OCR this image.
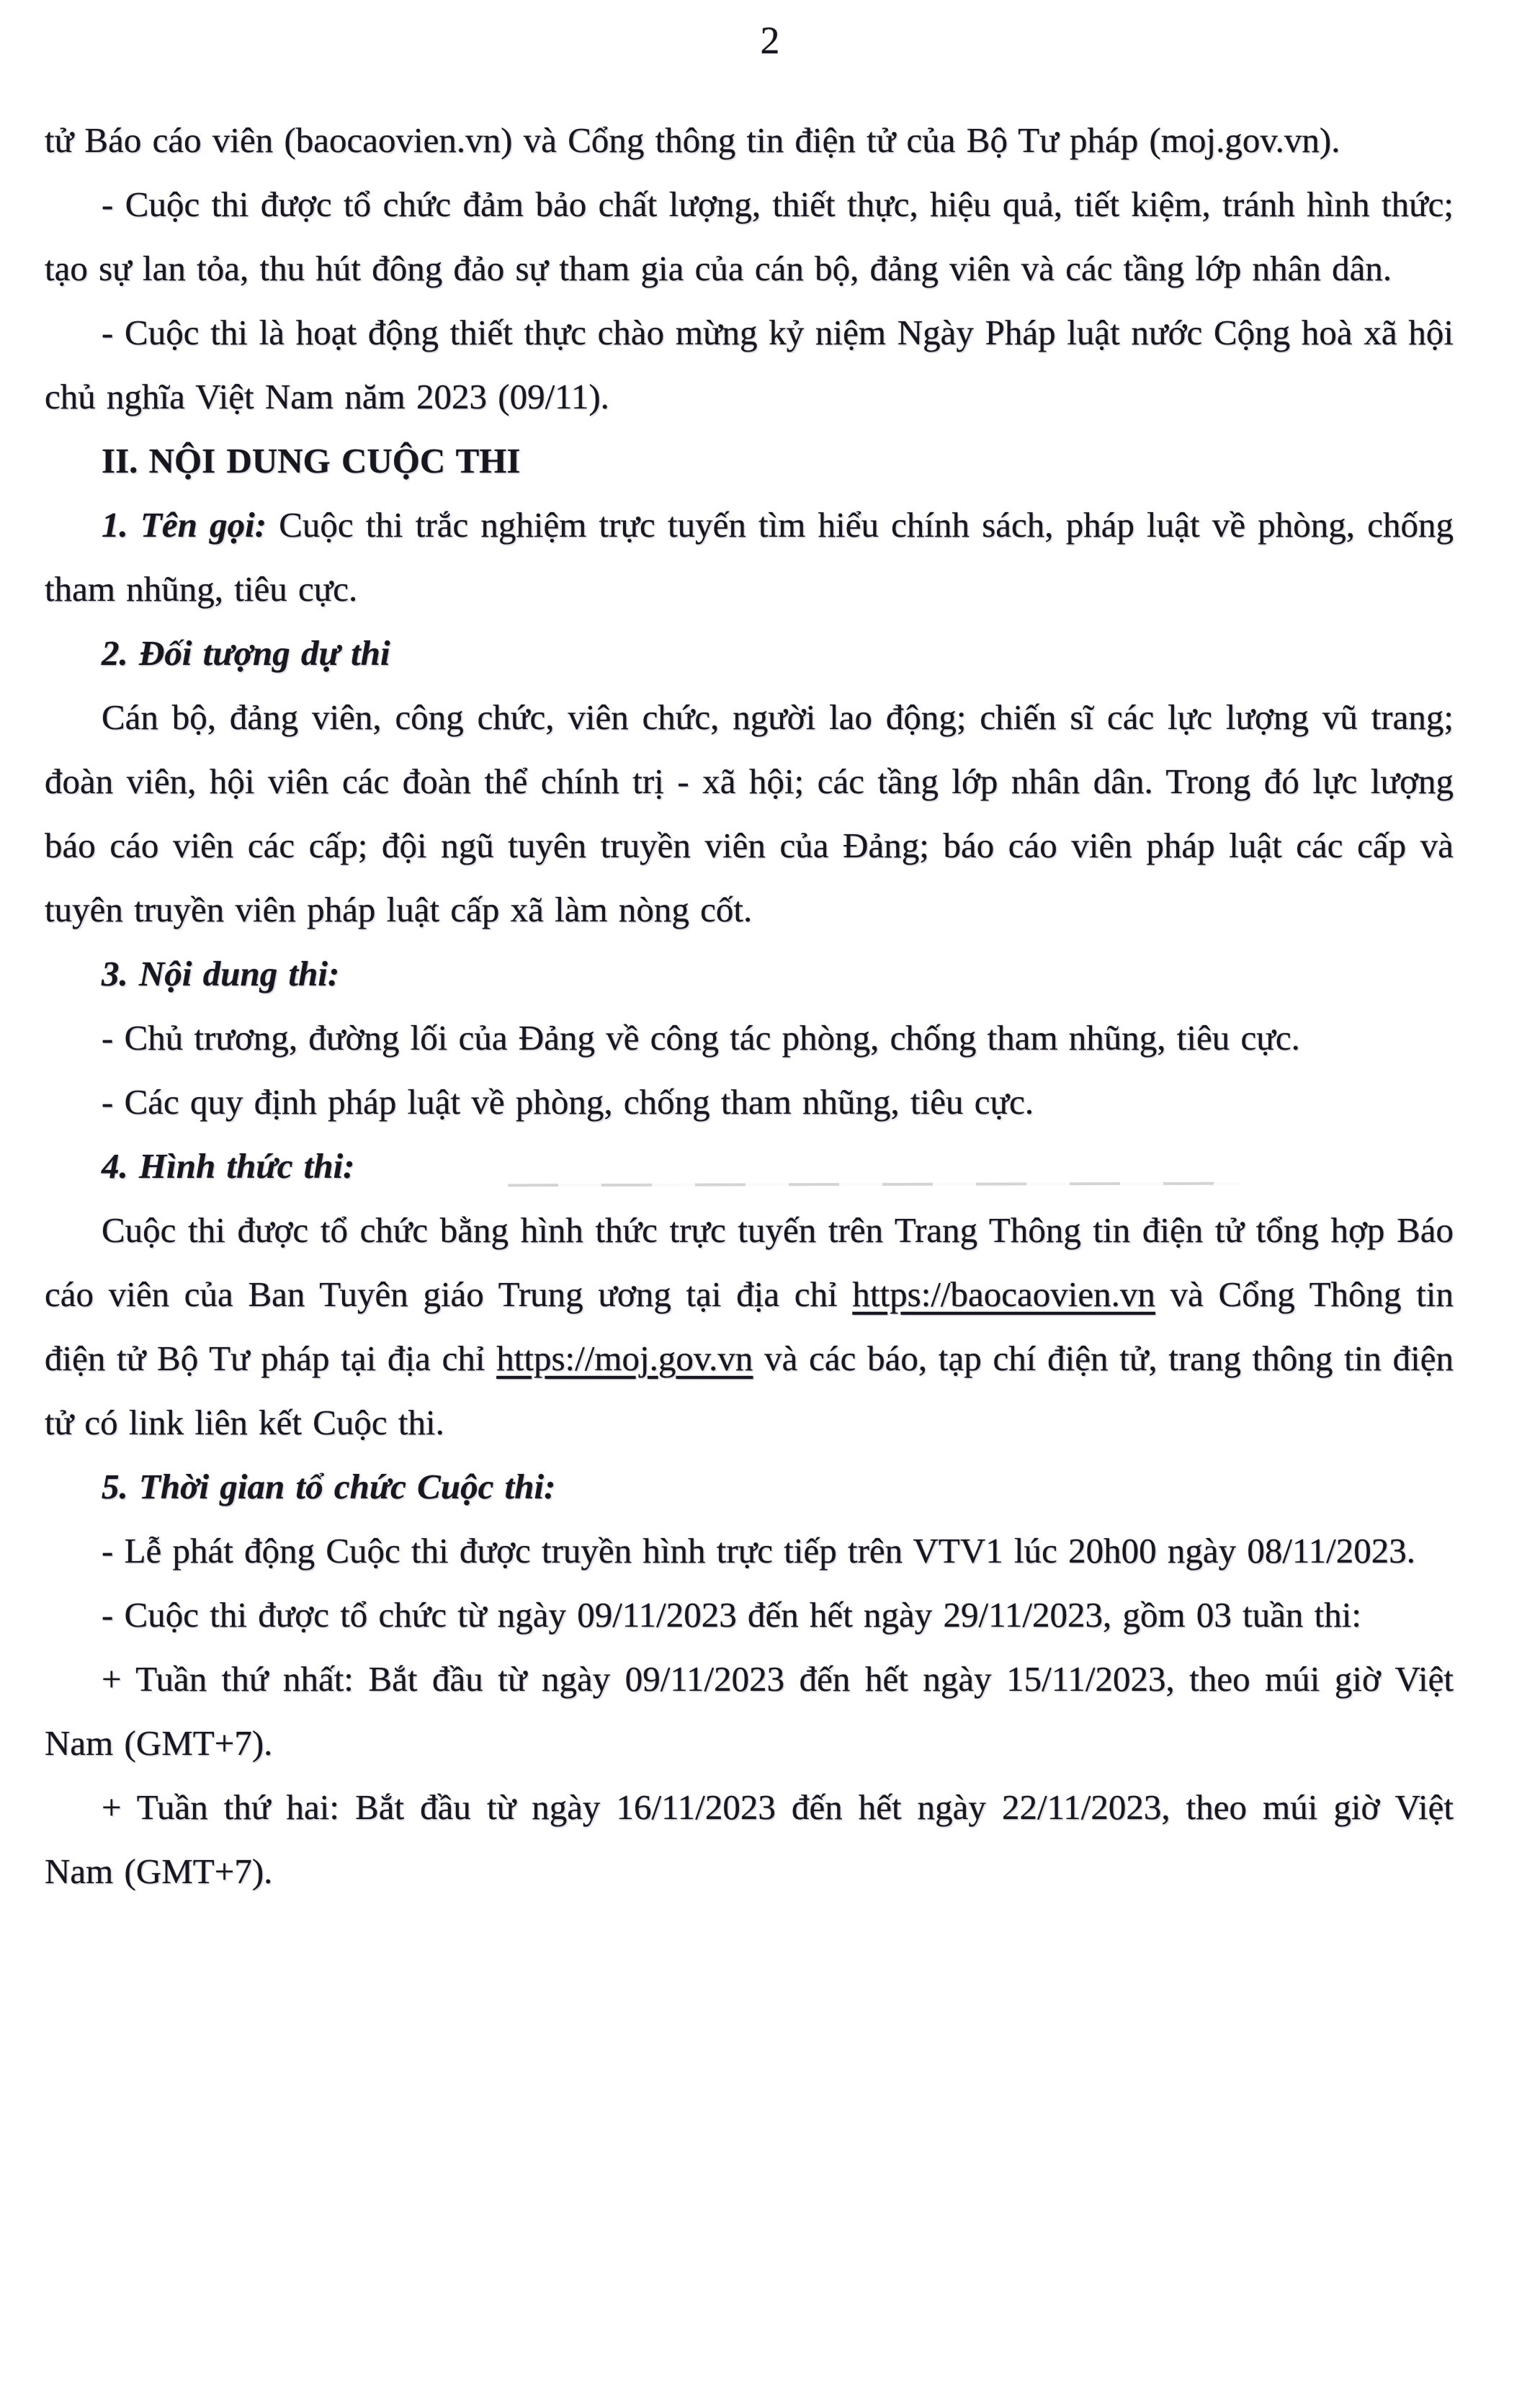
2

tử Báo cáo viên (baocaovien.vn) và Cổng thông tin điện tử của Bộ Tư pháp (moj.gov.vn).

- Cuộc thi được tổ chức đảm bảo chất lượng, thiết thực, hiệu quả, tiết kiệm, tránh hình thức; tạo sự lan tỏa, thu hút đông đảo sự tham gia của cán bộ, đảng viên và các tầng lớp nhân dân.

- Cuộc thi là hoạt động thiết thực chào mừng kỷ niệm Ngày Pháp luật nước Cộng hoà xã hội chủ nghĩa Việt Nam năm 2023 (09/11).

II. NỘI DUNG CUỘC THI

1. Tên gọi: Cuộc thi trắc nghiệm trực tuyến tìm hiểu chính sách, pháp luật về phòng, chống tham nhũng, tiêu cực.

2. Đối tượng dự thi

Cán bộ, đảng viên, công chức, viên chức, người lao động; chiến sĩ các lực lượng vũ trang; đoàn viên, hội viên các đoàn thể chính trị - xã hội; các tầng lớp nhân dân. Trong đó lực lượng báo cáo viên các cấp; đội ngũ tuyên truyền viên của Đảng; báo cáo viên pháp luật các cấp và tuyên truyền viên pháp luật cấp xã làm nòng cốt.

3. Nội dung thi:

- Chủ trương, đường lối của Đảng về công tác phòng, chống tham nhũng, tiêu cực.

- Các quy định pháp luật về phòng, chống tham nhũng, tiêu cực.

4. Hình thức thi:

Cuộc thi được tổ chức bằng hình thức trực tuyến trên Trang Thông tin điện tử tổng hợp Báo cáo viên của Ban Tuyên giáo Trung ương tại địa chỉ https://baocaovien.vn và Cổng Thông tin điện tử Bộ Tư pháp tại địa chỉ https://moj.gov.vn và các báo, tạp chí điện tử, trang thông tin điện tử có link liên kết Cuộc thi.

5. Thời gian tổ chức Cuộc thi:

- Lễ phát động Cuộc thi được truyền hình trực tiếp trên VTV1 lúc 20h00 ngày 08/11/2023.

- Cuộc thi được tổ chức từ ngày 09/11/2023 đến hết ngày 29/11/2023, gồm 03 tuần thi:

+ Tuần thứ nhất: Bắt đầu từ ngày 09/11/2023 đến hết ngày 15/11/2023, theo múi giờ Việt Nam (GMT+7).

+ Tuần thứ hai: Bắt đầu từ ngày 16/11/2023 đến hết ngày 22/11/2023, theo múi giờ Việt Nam (GMT+7).
